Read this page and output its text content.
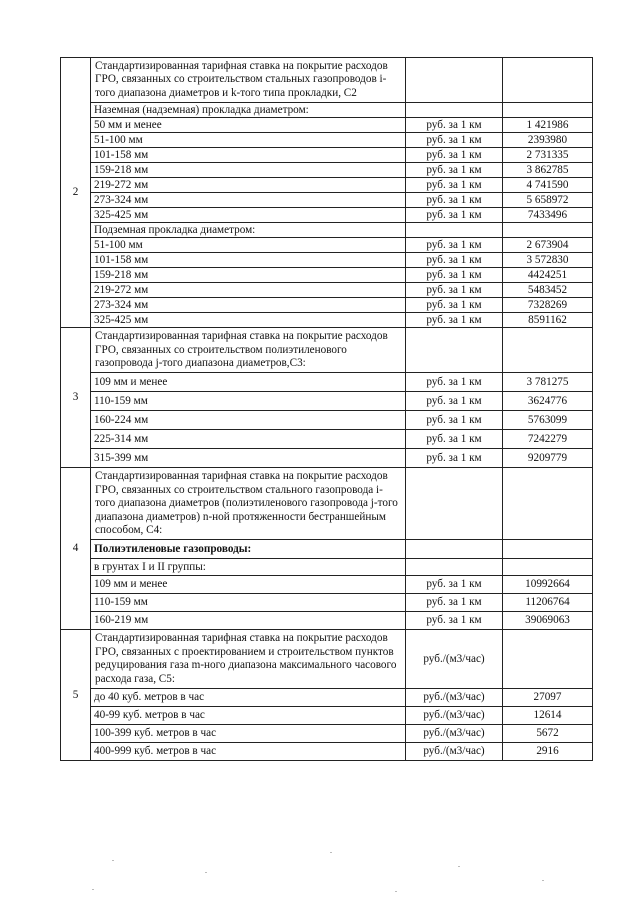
2	Стандартизированная тарифная ставка на покрытие расходов ГРО, связанных со строительством стальных газопроводов i-того диапазона диаметров и k-того типа прокладки, С2		
	Наземная (надземная) прокладка диаметром:		
	50 мм и менее	руб. за 1 км	1 421986
	51-100 мм	руб. за 1 км	2393980
	101-158 мм	руб. за 1 км	2 731335
	159-218 мм	руб. за 1 км	3 862785
	219-272 мм	руб. за 1 км	4 741590
	273-324 мм	руб. за 1 км	5 658972
	325-425 мм	руб. за 1 км	7433496
	Подземная прокладка диаметром:		
	51-100 мм	руб. за 1 км	2 673904
	101-158 мм	руб. за 1 км	3 572830
	159-218 мм	руб. за 1 км	4424251
	219-272 мм	руб. за 1 км	5483452
	273-324 мм	руб. за 1 км	7328269
	325-425 мм	руб. за 1 км	8591162
3	Стандартизированная тарифная ставка на покрытие расходов ГРО, связанных со строительством полиэтиленового газопровода j-того диапазона диаметров,С3:		
	109 мм и менее	руб. за 1 км	3 781275
	110-159 мм	руб. за 1 км	3624776
	160-224 мм	руб. за 1 км	5763099
	225-314 мм	руб. за 1 км	7242279
	315-399 мм	руб. за 1 км	9209779
4	Стандартизированная тарифная ставка на покрытие расходов ГРО, связанных со строительством стального газопровода i-того диапазона диаметров (полиэтиленового газопровода j-того диапазона диаметров) n-ной протяженности бестраншейным способом, С4:		
	Полиэтиленовые газопроводы:		
	в грунтах I и II группы:		
	109 мм и менее	руб. за 1 км	10992664
	110-159 мм	руб. за 1 км	11206764
	160-219 мм	руб. за 1 км	39069063
5	Стандартизированная тарифная ставка на покрытие расходов ГРО, связанных с проектированием и строительством пунктов редуцирования газа m-ного диапазона максимального часового расхода газа, С5:	руб./(м3/час)	
	до 40 куб. метров в час	руб./(м3/час)	27097
	40-99 куб. метров в час	руб./(м3/час)	12614
	100-399 куб. метров в час	руб./(м3/час)	5672
	400-999 куб. метров в час	руб./(м3/час)	2916
